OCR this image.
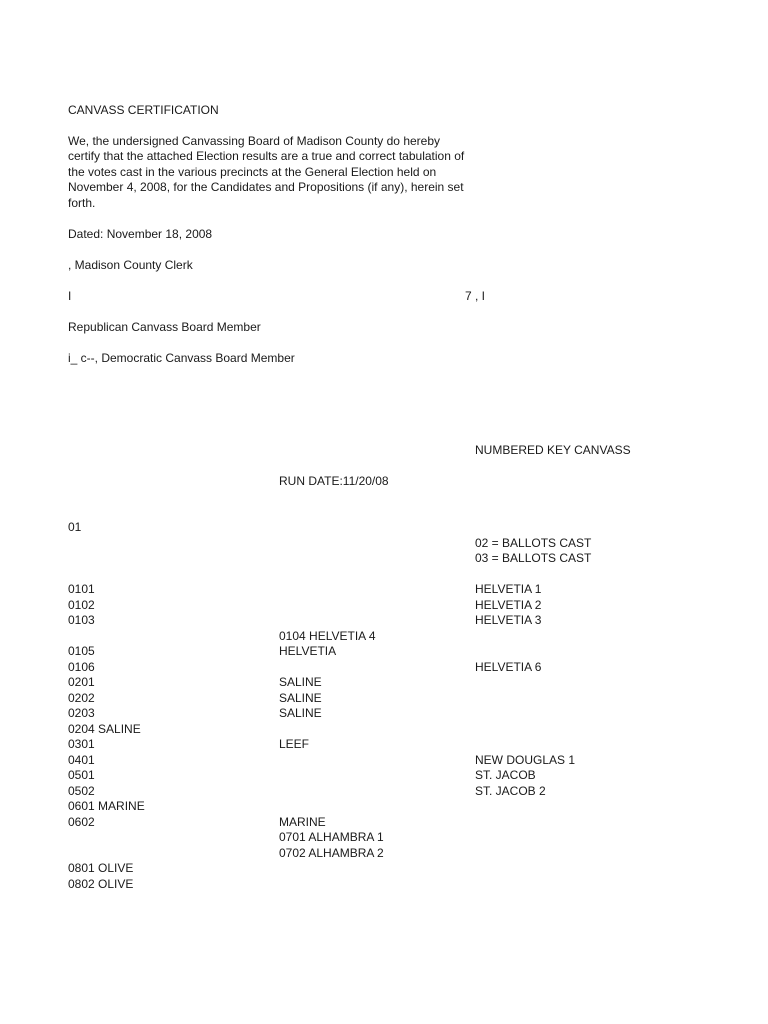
CANVASS CERTIFICATION
We, the undersigned Canvassing Board of Madison County do hereby
certify that the attached Election results are a true and correct tabulation of
the votes cast in the various precincts at the General Election held on
November 4, 2008, for the Candidates and Propositions (if any), herein set
forth.
Dated: November 18, 2008
, Madison County Clerk
I	7 , I
Republican Canvass Board Member
i_ c--, Democratic Canvass Board Member
NUMBERED KEY CANVASS
RUN DATE:11/20/08
01
02 = BALLOTS CAST
03 = BALLOTS CAST
0101	HELVETIA 1
0102	HELVETIA 2
0103	HELVETIA 3
0104 HELVETIA 4
0105	HELVETIA
0106	HELVETIA 6
0201	SALINE
0202	SALINE
0203	SALINE
0204 SALINE
0301	LEEF
0401	NEW DOUGLAS 1
0501	ST. JACOB
0502	ST. JACOB 2
0601 MARINE
0602	MARINE
0701 ALHAMBRA 1
0702 ALHAMBRA 2
0801 OLIVE
0802 OLIVE
